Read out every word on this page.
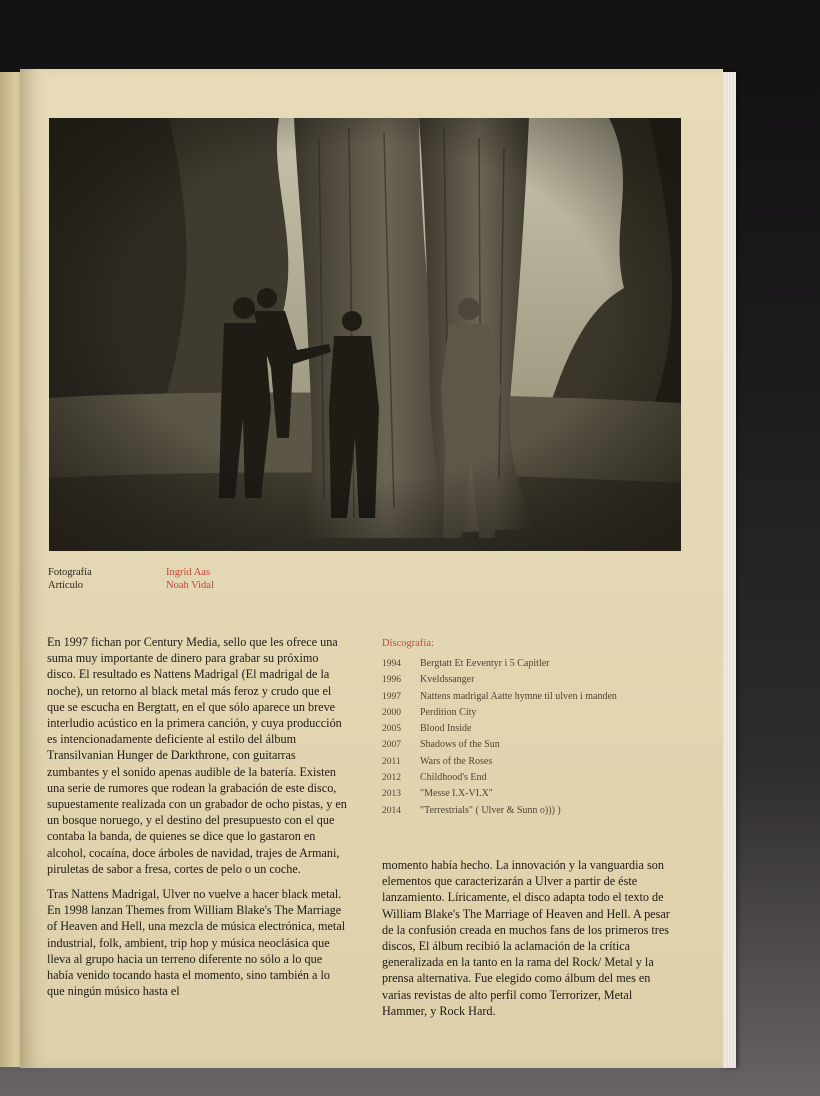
Fotografía	Ingrid Aas
Artículo	Noah Vidal

En 1997 fichan por Century Media, sello que les ofrece una suma muy importante de dinero para grabar su próximo disco. El resultado es Nattens Madrigal (El madrigal de la noche), un retorno al black metal más feroz y crudo que el que se escucha en Bergtatt, en el que sólo aparece un breve interludio acústico en la primera canción, y cuya producción es intencionadamente deficiente al estilo del álbum Transilvanian Hunger de Darkthrone, con guitarras zumbantes y el sonido apenas audible de la batería. Existen una serie de rumores que rodean la grabación de este disco, supuestamente realizada con un grabador de ocho pistas, y en un bosque noruego, y el destino del presupuesto con el que contaba la banda, de quienes se dice que lo gastaron en alcohol, cocaína, doce árboles de navidad, trajes de Armani, piruletas de sabor a fresa, cortes de pelo o un coche.

Tras Nattens Madrigal, Ulver no vuelve a hacer black metal. En 1998 lanzan Themes from William Blake's The Marriage of Heaven and Hell, una mezcla de música electrónica, metal industrial, folk, ambient, trip hop y música neoclásica que lleva al grupo hacia un terreno diferente no sólo a lo que había venido tocando hasta el momento, sino también a lo que ningún músico hasta el

Discografía:
1994	Bergtatt Et Eeventyr i 5 Capitler
1996	Kveldssanger
1997	Nattens madrigal Aatte hymne til ulven i manden
2000	Perdition City
2005	Blood Inside
2007	Shadows of the Sun
2011	Wars of the Roses
2012	Childhood's End
2013	"Messe I.X-VI.X"
2014	"Terrestrials" ( Ulver & Sunn o))) )

momento había hecho. La innovación y la vanguardia son elementos que caracterizarán a Ulver a partir de éste lanzamiento. Líricamente, el disco adapta todo el texto de William Blake's The Marriage of Heaven and Hell. A pesar de la confusión creada en muchos fans de los primeros tres discos, El álbum recibió la aclamación de la crítica generalizada en la tanto en la rama del Rock/ Metal y la prensa alternativa. Fue elegido como álbum del mes en varias revistas de alto perfil como Terrorizer, Metal Hammer, y Rock Hard.
